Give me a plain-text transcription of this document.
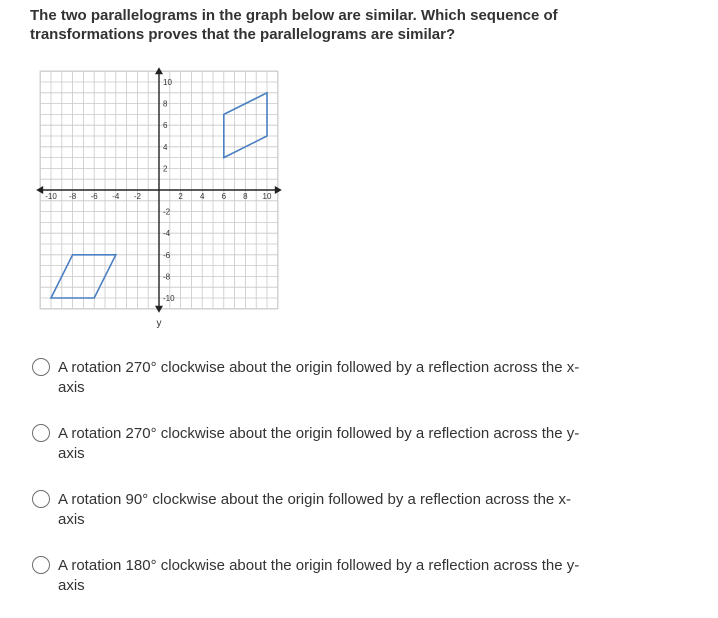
The two parallelograms in the graph below are similar. Which sequence of
transformations proves that the parallelograms are similar?
-10 -8 -6 -4 -2	2 4 6 8 10
10
8
6
4
2
-2
-4
-6
-8
-10
y
A rotation 270° clockwise about the origin followed by a reflection across the x-
axis
A rotation 270° clockwise about the origin followed by a reflection across the y-
axis
A rotation 90° clockwise about the origin followed by a reflection across the x-
axis
A rotation 180° clockwise about the origin followed by a reflection across the y-
axis
